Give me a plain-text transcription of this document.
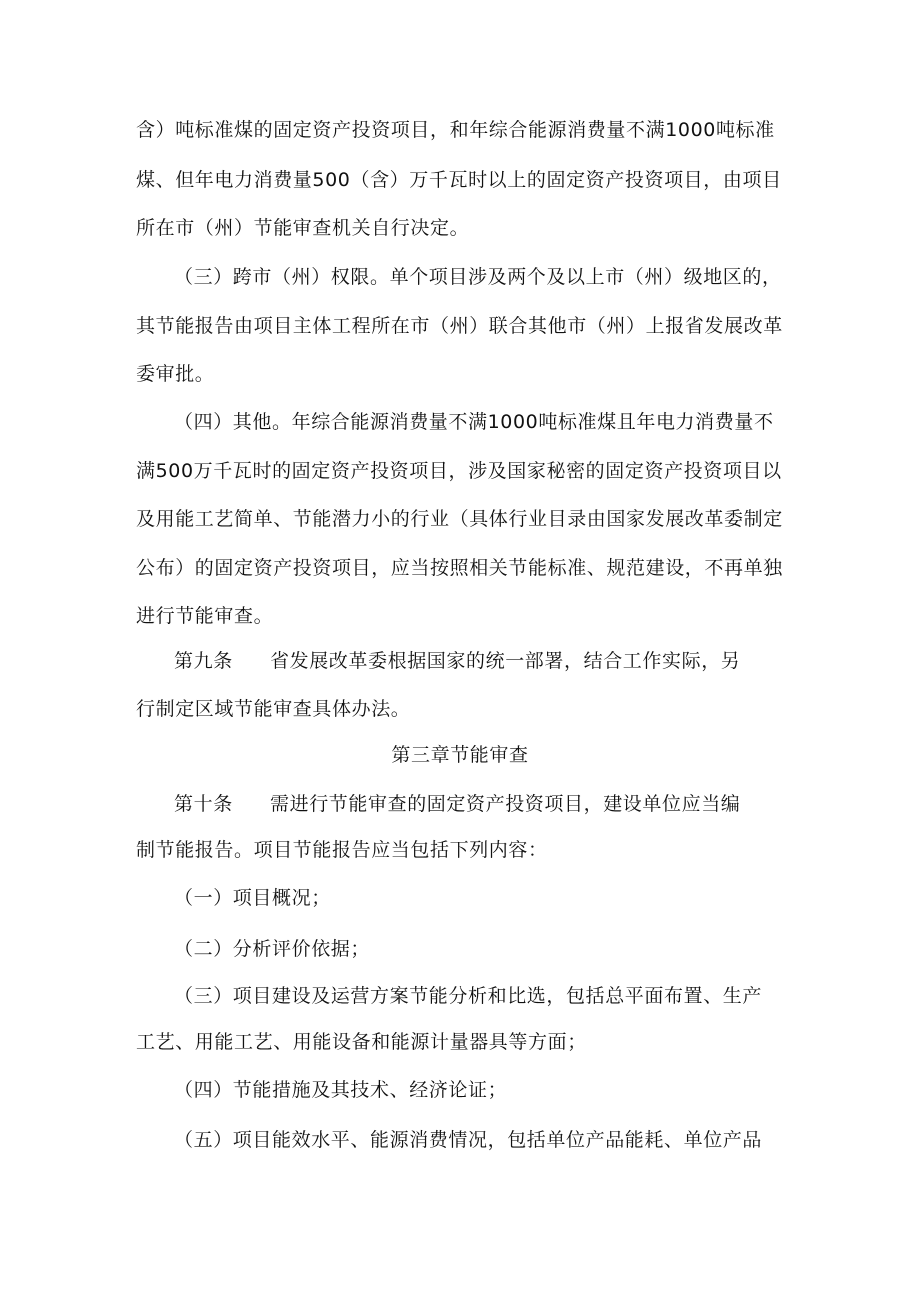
含）吨标准煤的固定资产投资项目，和年综合能源消费量不满1000吨标准
煤、但年电力消费量500（含）万千瓦时以上的固定资产投资项目，由项目
所在市（州）节能审查机关自行决定。
（三）跨市（州）权限。单个项目涉及两个及以上市（州）级地区的，
其节能报告由项目主体工程所在市（州）联合其他市（州）上报省发展改革
委审批。
（四）其他。年综合能源消费量不满1000吨标准煤且年电力消费量不
满500万千瓦时的固定资产投资项目，涉及国家秘密的固定资产投资项目以
及用能工艺简单、节能潜力小的行业（具体行业目录由国家发展改革委制定
公布）的固定资产投资项目，应当按照相关节能标准、规范建设，不再单独
进行节能审查。
第九条 省发展改革委根据国家的统一部署，结合工作实际，另
行制定区域节能审查具体办法。
第三章节能审查
第十条 需进行节能审查的固定资产投资项目，建设单位应当编
制节能报告。项目节能报告应当包括下列内容：
（一）项目概况；
（二）分析评价依据；
（三）项目建设及运营方案节能分析和比选，包括总平面布置、生产
工艺、用能工艺、用能设备和能源计量器具等方面；
（四）节能措施及其技术、经济论证；
（五）项目能效水平、能源消费情况，包括单位产品能耗、单位产品
